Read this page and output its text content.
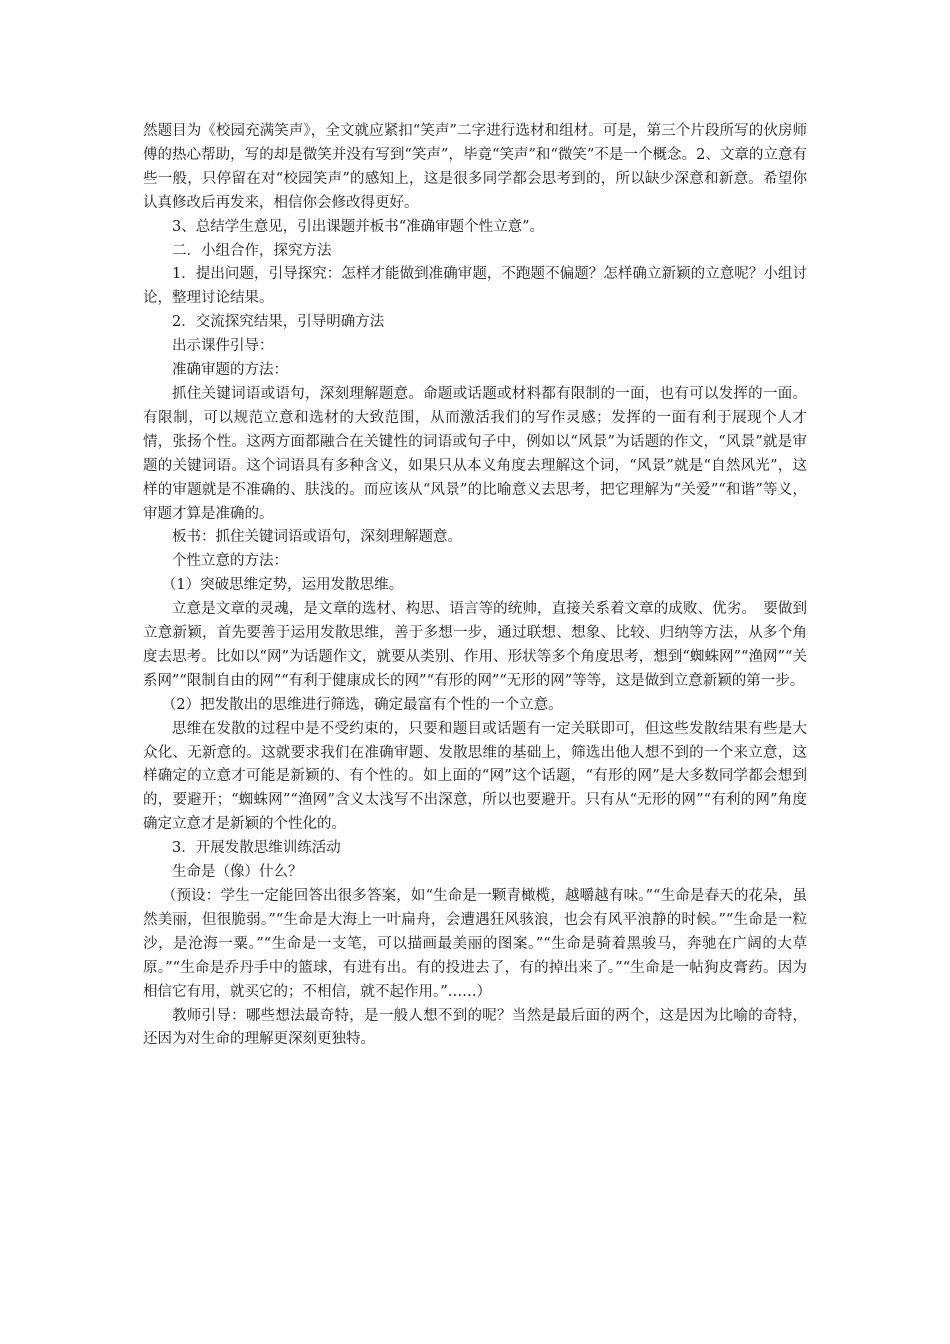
然题目为《校园充满笑声》，全文就应紧扣“笑声”二字进行选材和组材。可是，第三个片段所写的伙房师傅的热心帮助，写的却是微笑并没有写到“笑声”，毕竟“笑声”和“微笑”不是一个概念。2、文章的立意有些一般，只停留在对“校园笑声”的感知上，这是很多同学都会思考到的，所以缺少深意和新意。希望你认真修改后再发来，相信你会修改得更好。

3、总结学生意见，引出课题并板书“准确审题个性立意”。

二．小组合作，探究方法

1．提出问题，引导探究：怎样才能做到准确审题，不跑题不偏题？怎样确立新颖的立意呢？小组讨论，整理讨论结果。

2．交流探究结果，引导明确方法

出示课件引导：

准确审题的方法：

抓住关键词语或语句，深刻理解题意。命题或话题或材料都有限制的一面，也有可以发挥的一面。有限制，可以规范立意和选材的大致范围，从而激活我们的写作灵感；发挥的一面有利于展现个人才情，张扬个性。这两方面都融合在关键性的词语或句子中，例如以“风景”为话题的作文，“风景”就是审题的关键词语。这个词语具有多种含义，如果只从本义角度去理解这个词，“风景”就是“自然风光”，这样的审题就是不准确的、肤浅的。而应该从“风景”的比喻意义去思考，把它理解为“关爱”“和谐”等义，审题才算是准确的。

板书：抓住关键词语或语句，深刻理解题意。

个性立意的方法：

（1）突破思维定势，运用发散思维。

立意是文章的灵魂，是文章的选材、构思、语言等的统帅，直接关系着文章的成败、优劣。　要做到立意新颖，首先要善于运用发散思维，善于多想一步，通过联想、想象、比较、归纳等方法，从多个角度去思考。比如以“网”为话题作文，就要从类别、作用、形状等多个角度思考，想到“蜘蛛网”“渔网”“关系网”“限制自由的网”“有利于健康成长的网”“有形的网”“无形的网”等等，这是做到立意新颖的第一步。

（2）把发散出的思维进行筛选，确定最富有个性的一个立意。

思维在发散的过程中是不受约束的，只要和题目或话题有一定关联即可，但这些发散结果有些是大众化、无新意的。这就要求我们在准确审题、发散思维的基础上，筛选出他人想不到的一个来立意，这样确定的立意才可能是新颖的、有个性的。如上面的“网”这个话题，“有形的网”是大多数同学都会想到的，要避开；“蜘蛛网”“渔网”含义太浅写不出深意，所以也要避开。只有从“无形的网”“有利的网”角度确定立意才是新颖的个性化的。

3．开展发散思维训练活动

生命是（像）什么？

（预设：学生一定能回答出很多答案，如“生命是一颗青橄榄，越嚼越有味。”“生命是春天的花朵，虽然美丽，但很脆弱。”“生命是大海上一叶扁舟，会遭遇狂风骇浪，也会有风平浪静的时候。”“生命是一粒沙，是沧海一粟。”“生命是一支笔，可以描画最美丽的图案。”“生命是骑着黑骏马，奔驰在广阔的大草原。”“生命是乔丹手中的篮球，有进有出。有的投进去了，有的掉出来了。”“生命是一帖狗皮膏药。因为相信它有用，就买它的；不相信，就不起作用。”……）

教师引导：哪些想法最奇特，是一般人想不到的呢？当然是最后面的两个，这是因为比喻的奇特，还因为对生命的理解更深刻更独特。
